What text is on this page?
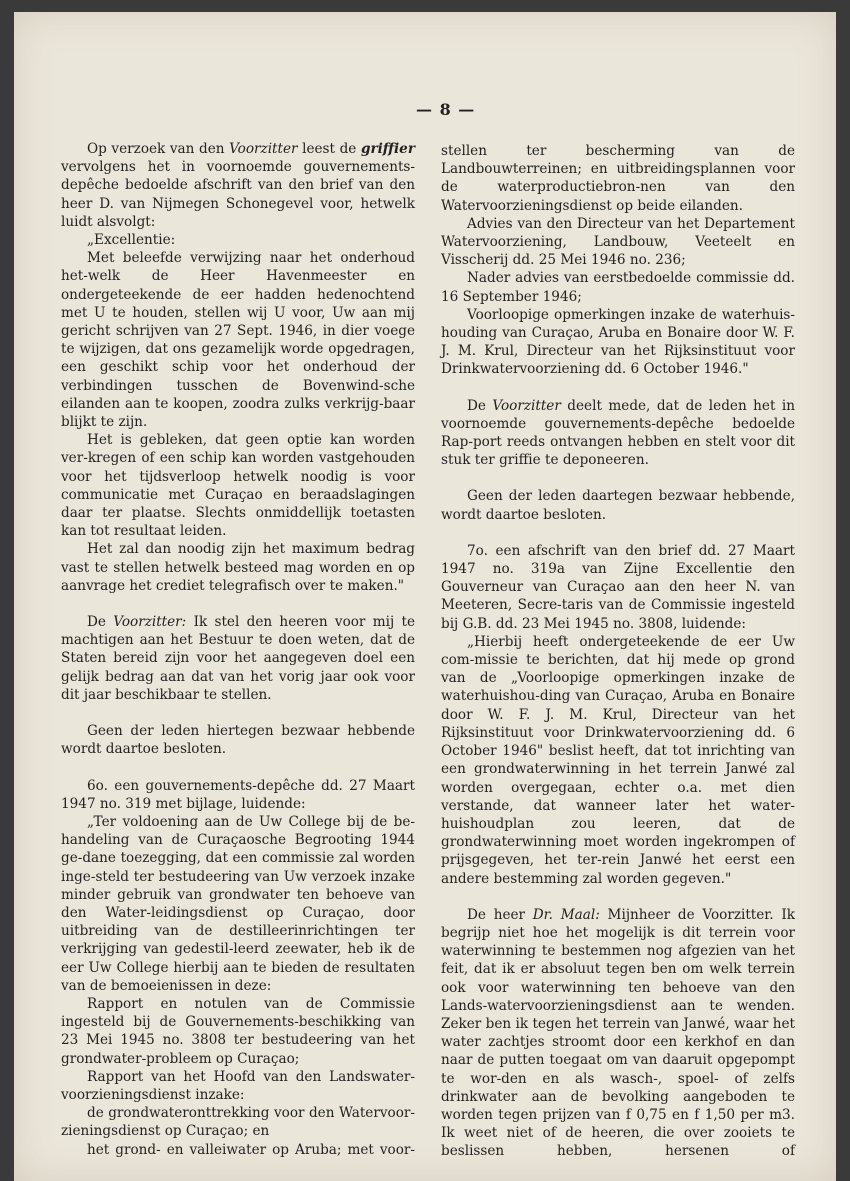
— 8 —

Op verzoek van den Voorzitter leest de griffier vervolgens het in voornoemde gouvernements-depêche bedoelde afschrift van den brief van den heer D. van Nijmegen Schonegevel voor, hetwelk luidt alsvolgt:

„Excellentie:

Met beleefde verwijzing naar het onderhoud het-welk de Heer Havenmeester en ondergeteekende de eer hadden hedenochtend met U te houden, stellen wij U voor, Uw aan mij gericht schrijven van 27 Sept. 1946, in dier voege te wijzigen, dat ons gezamelijk worde opgedragen, een geschikt schip voor het onderhoud der verbindingen tusschen de Bovenwind-sche eilanden aan te koopen, zoodra zulks verkrijg-baar blijkt te zijn.

Het is gebleken, dat geen optie kan worden ver-kregen of een schip kan worden vastgehouden voor het tijdsverloop hetwelk noodig is voor communicatie met Curaçao en beraadslagingen daar ter plaatse. Slechts onmiddellijk toetasten kan tot resultaat leiden.

Het zal dan noodig zijn het maximum bedrag vast te stellen hetwelk besteed mag worden en op aanvrage het crediet telegrafisch over te maken."

De Voorzitter: Ik stel den heeren voor mij te machtigen aan het Bestuur te doen weten, dat de Staten bereid zijn voor het aangegeven doel een gelijk bedrag aan dat van het vorig jaar ook voor dit jaar beschikbaar te stellen.

Geen der leden hiertegen bezwaar hebbende wordt daartoe besloten.

6o. een gouvernements-depêche dd. 27 Maart 1947 no. 319 met bijlage, luidende:

„Ter voldoening aan de Uw College bij de be-handeling van de Curaçaosche Begrooting 1944 ge-dane toezegging, dat een commissie zal worden inge-steld ter bestudeering van Uw verzoek inzake minder gebruik van grondwater ten behoeve van den Water-leidingsdienst op Curaçao, door uitbreiding van de destilleerinrichtingen ter verkrijging van gedestil-leerd zeewater, heb ik de eer Uw College hierbij aan te bieden de resultaten van de bemoeienissen in deze:

Rapport en notulen van de Commissie ingesteld bij de Gouvernements-beschikking van 23 Mei 1945 no. 3808 ter bestudeering van het grondwater-probleem op Curaçao;

Rapport van het Hoofd van den Landswater-voorzieningsdienst inzake:

de grondwateronttrekking voor den Watervoor-zieningsdienst op Curaçao; en

het grond- en valleiwater op Aruba; met voor-

stellen ter bescherming van de Landbouwterreinen; en uitbreidingsplannen voor de waterproductiebron-nen van den Watervoorzieningsdienst op beide eilanden.

Advies van den Directeur van het Departement Watervoorziening, Landbouw, Veeteelt en Visscherij dd. 25 Mei 1946 no. 236;

Nader advies van eerstbedoelde commissie dd. 16 September 1946;

Voorloopige opmerkingen inzake de waterhuis-houding van Curaçao, Aruba en Bonaire door W. F. J. M. Krul, Directeur van het Rijksinstituut voor Drinkwatervoorziening dd. 6 October 1946."

De Voorzitter deelt mede, dat de leden het in voornoemde gouvernements-depêche bedoelde Rap-port reeds ontvangen hebben en stelt voor dit stuk ter griffie te deponeeren.

Geen der leden daartegen bezwaar hebbende, wordt daartoe besloten.

7o. een afschrift van den brief dd. 27 Maart 1947 no. 319a van Zijne Excellentie den Gouverneur van Curaçao aan den heer N. van Meeteren, Secre-taris van de Commissie ingesteld bij G.B. dd. 23 Mei 1945 no. 3808, luidende:

„Hierbij heeft ondergeteekende de eer Uw com-missie te berichten, dat hij mede op grond van de „Voorloopige opmerkingen inzake de waterhuishou-ding van Curaçao, Aruba en Bonaire door W. F. J. M. Krul, Directeur van het Rijksinstituut voor Drinkwatervoorziening dd. 6 October 1946" beslist heeft, dat tot inrichting van een grondwaterwinning in het terrein Janwé zal worden overgegaan, echter o.a. met dien verstande, dat wanneer later het water-huishoudplan zou leeren, dat de grondwaterwinning moet worden ingekrompen of prijsgegeven, het ter-rein Janwé het eerst een andere bestemming zal worden gegeven."

De heer Dr. Maal: Mijnheer de Voorzitter. Ik begrijp niet hoe het mogelijk is dit terrein voor waterwinning te bestemmen nog afgezien van het feit, dat ik er absoluut tegen ben om welk terrein ook voor waterwinning ten behoeve van den Lands-watervoorzieningsdienst aan te wenden. Zeker ben ik tegen het terrein van Janwé, waar het water zachtjes stroomt door een kerkhof en dan naar de putten toegaat om van daaruit opgepompt te wor-den en als wasch-, spoel- of zelfs drinkwater aan de bevolking aangeboden te worden tegen prijzen van f 0,75 en f 1,50 per m3. Ik weet niet of de heeren, die over zooiets te beslissen hebben, hersenen of
